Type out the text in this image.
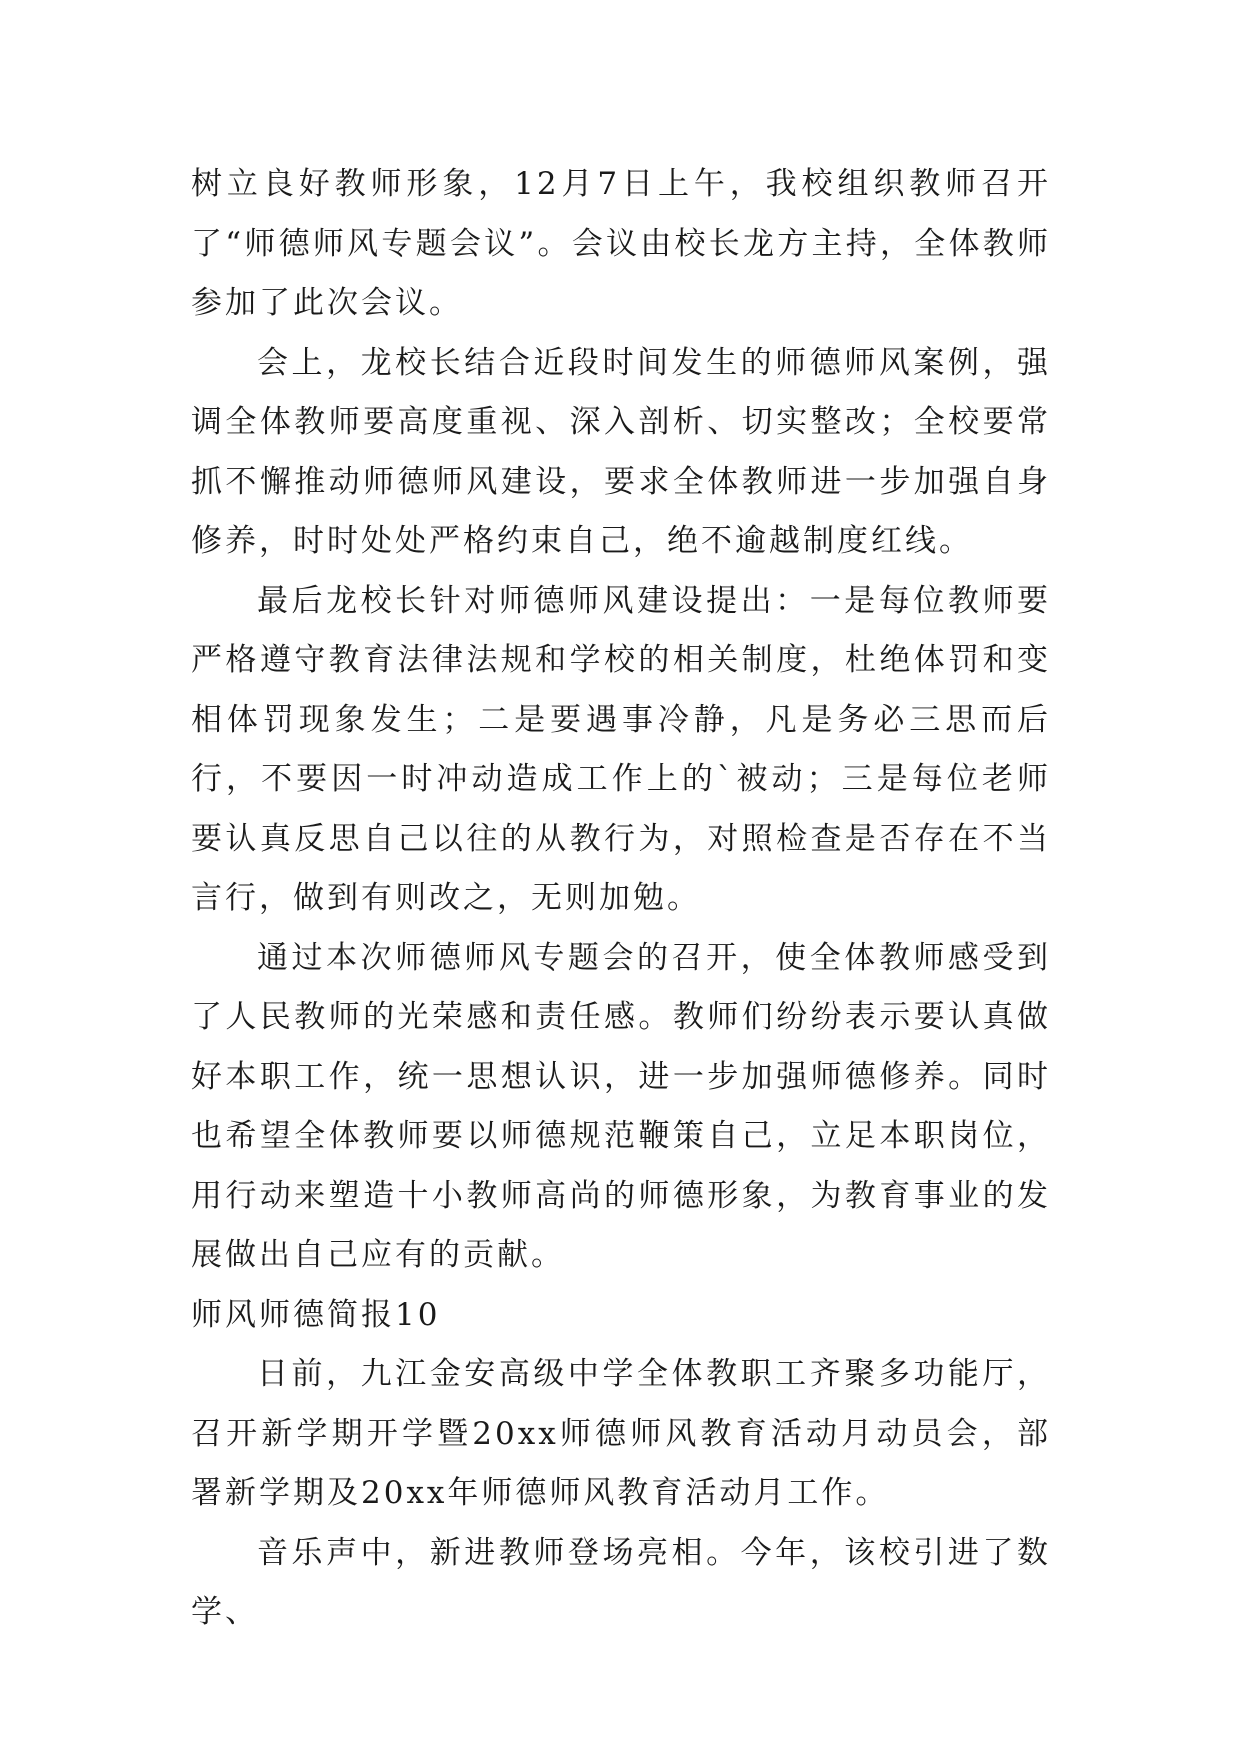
树立良好教师形象，12月7日上午，我校组织教师召开了“师德师风专题会议”。会议由校长龙方主持，全体教师参加了此次会议。

会上，龙校长结合近段时间发生的师德师风案例，强调全体教师要高度重视、深入剖析、切实整改；全校要常抓不懈推动师德师风建设，要求全体教师进一步加强自身修养，时时处处严格约束自己，绝不逾越制度红线。

最后龙校长针对师德师风建设提出：一是每位教师要严格遵守教育法律法规和学校的相关制度，杜绝体罚和变相体罚现象发生；二是要遇事冷静，凡是务必三思而后行，不要因一时冲动造成工作上的`被动；三是每位老师要认真反思自己以往的从教行为，对照检查是否存在不当言行，做到有则改之，无则加勉。

通过本次师德师风专题会的召开，使全体教师感受到了人民教师的光荣感和责任感。教师们纷纷表示要认真做好本职工作，统一思想认识，进一步加强师德修养。同时也希望全体教师要以师德规范鞭策自己，立足本职岗位，用行动来塑造十小教师高尚的师德形象，为教育事业的发展做出自己应有的贡献。

师风师德简报10

日前，九江金安高级中学全体教职工齐聚多功能厅，召开新学期开学暨20xx师德师风教育活动月动员会，部署新学期及20xx年师德师风教育活动月工作。

音乐声中，新进教师登场亮相。今年，该校引进了数学、
